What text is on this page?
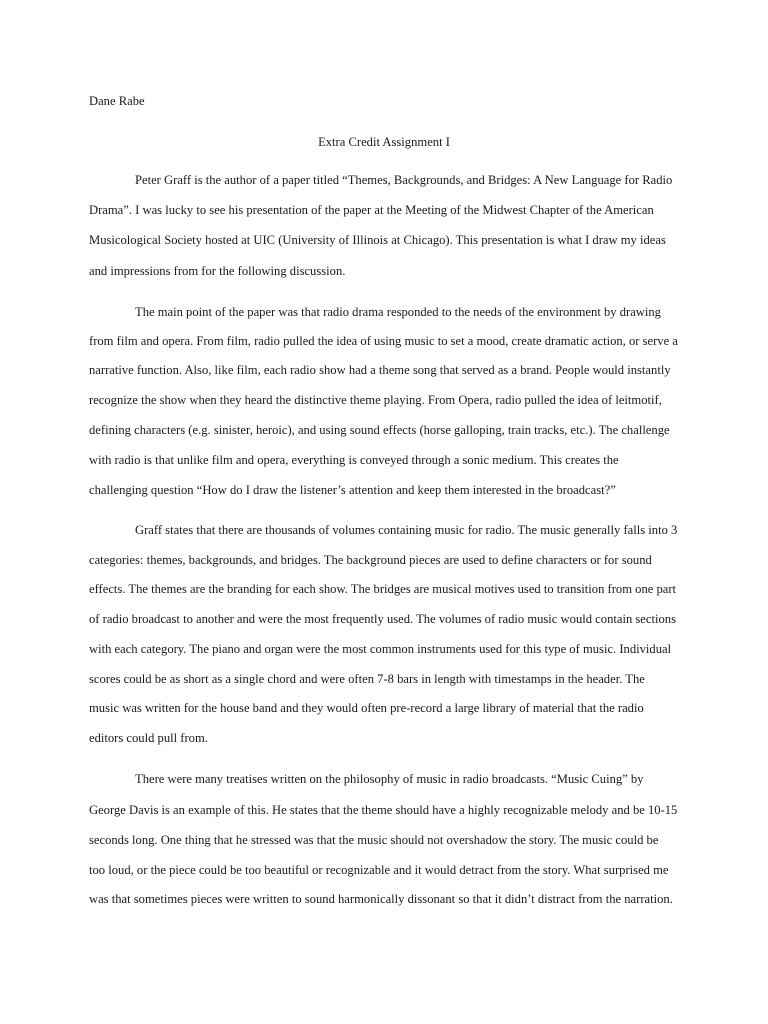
Dane Rabe
Extra Credit Assignment I
Peter Graff is the author of a paper titled “Themes, Backgrounds, and Bridges: A New Language for Radio
Drama”. I was lucky to see his presentation of the paper at the Meeting of the Midwest Chapter of the American
Musicological Society hosted at UIC (University of Illinois at Chicago). This presentation is what I draw my ideas
and impressions from for the following discussion.
The main point of the paper was that radio drama responded to the needs of the environment by drawing
from film and opera. From film, radio pulled the idea of using music to set a mood, create dramatic action, or serve a
narrative function. Also, like film, each radio show had a theme song that served as a brand. People would instantly
recognize the show when they heard the distinctive theme playing. From Opera, radio pulled the idea of leitmotif,
defining characters (e.g. sinister, heroic), and using sound effects (horse galloping, train tracks, etc.). The challenge
with radio is that unlike film and opera, everything is conveyed through a sonic medium. This creates the
challenging question “How do I draw the listener’s attention and keep them interested in the broadcast?”
Graff states that there are thousands of volumes containing music for radio. The music generally falls into 3
categories: themes, backgrounds, and bridges. The background pieces are used to define characters or for sound
effects. The themes are the branding for each show. The bridges are musical motives used to transition from one part
of radio broadcast to another and were the most frequently used. The volumes of radio music would contain sections
with each category. The piano and organ were the most common instruments used for this type of music. Individual
scores could be as short as a single chord and were often 7-8 bars in length with timestamps in the header. The
music was written for the house band and they would often pre-record a large library of material that the radio
editors could pull from.
There were many treatises written on the philosophy of music in radio broadcasts. “Music Cuing” by
George Davis is an example of this. He states that the theme should have a highly recognizable melody and be 10-15
seconds long. One thing that he stressed was that the music should not overshadow the story. The music could be
too loud, or the piece could be too beautiful or recognizable and it would detract from the story. What surprised me
was that sometimes pieces were written to sound harmonically dissonant so that it didn’t distract from the narration.
